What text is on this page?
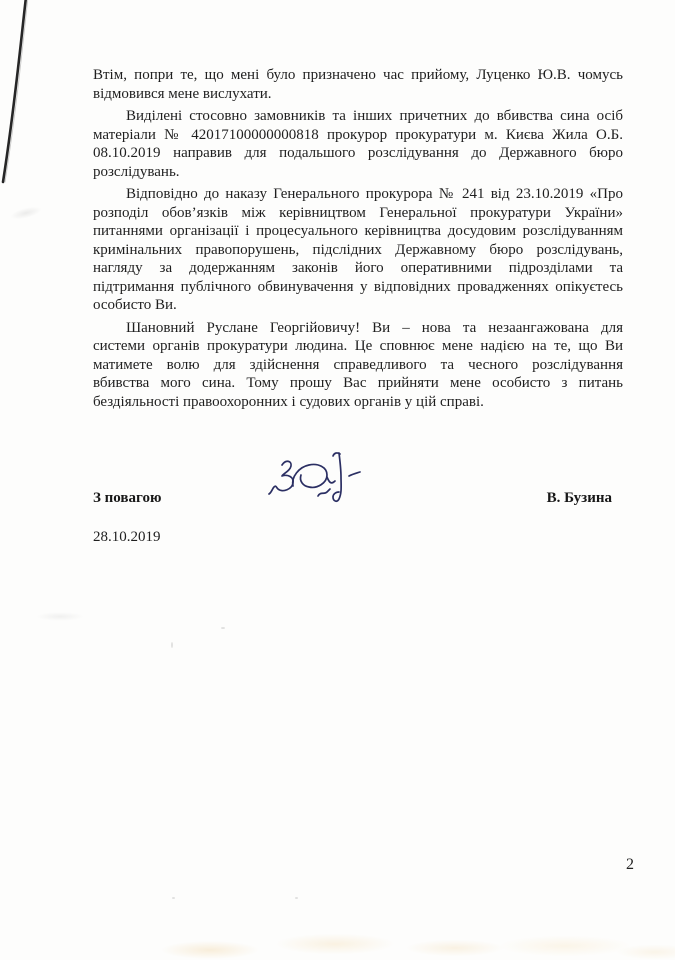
Втім, попри те, що мені було призначено час прийому, Луценко Ю.В. чомусь
відмовився мене вислухати.

Виділені стосовно замовників та інших причетних до вбивства сина осіб
матеріали № 42017100000000818 прокурор прокуратури м. Києва Жила О.Б.
08.10.2019 направив для подальшого розслідування до Державного бюро
розслідувань.

Відповідно до наказу Генерального прокурора № 241 від 23.10.2019 «Про
розподіл обов’язків між керівництвом Генеральної прокуратури України»
питаннями організації і процесуального керівництва досудовим розслідуванням
кримінальних правопорушень, підслідних Державному бюро розслідувань,
нагляду за додержанням законів його оперативними підрозділами та
підтримання публічного обвинувачення у відповідних провадженнях опікуєтесь
особисто Ви.

Шановний Руслане Георгійовичу! Ви – нова та незаангажована для
системи органів прокуратури людина. Це сповнює мене надією на те, що Ви
матимете волю для здійснення справедливого та чесного розслідування
вбивства мого сина. Тому прошу Вас прийняти мене особисто з питань
бездіяльності правоохоронних і судових органів у цій справі.

З повагою	В. Бузина
28.10.2019
2
